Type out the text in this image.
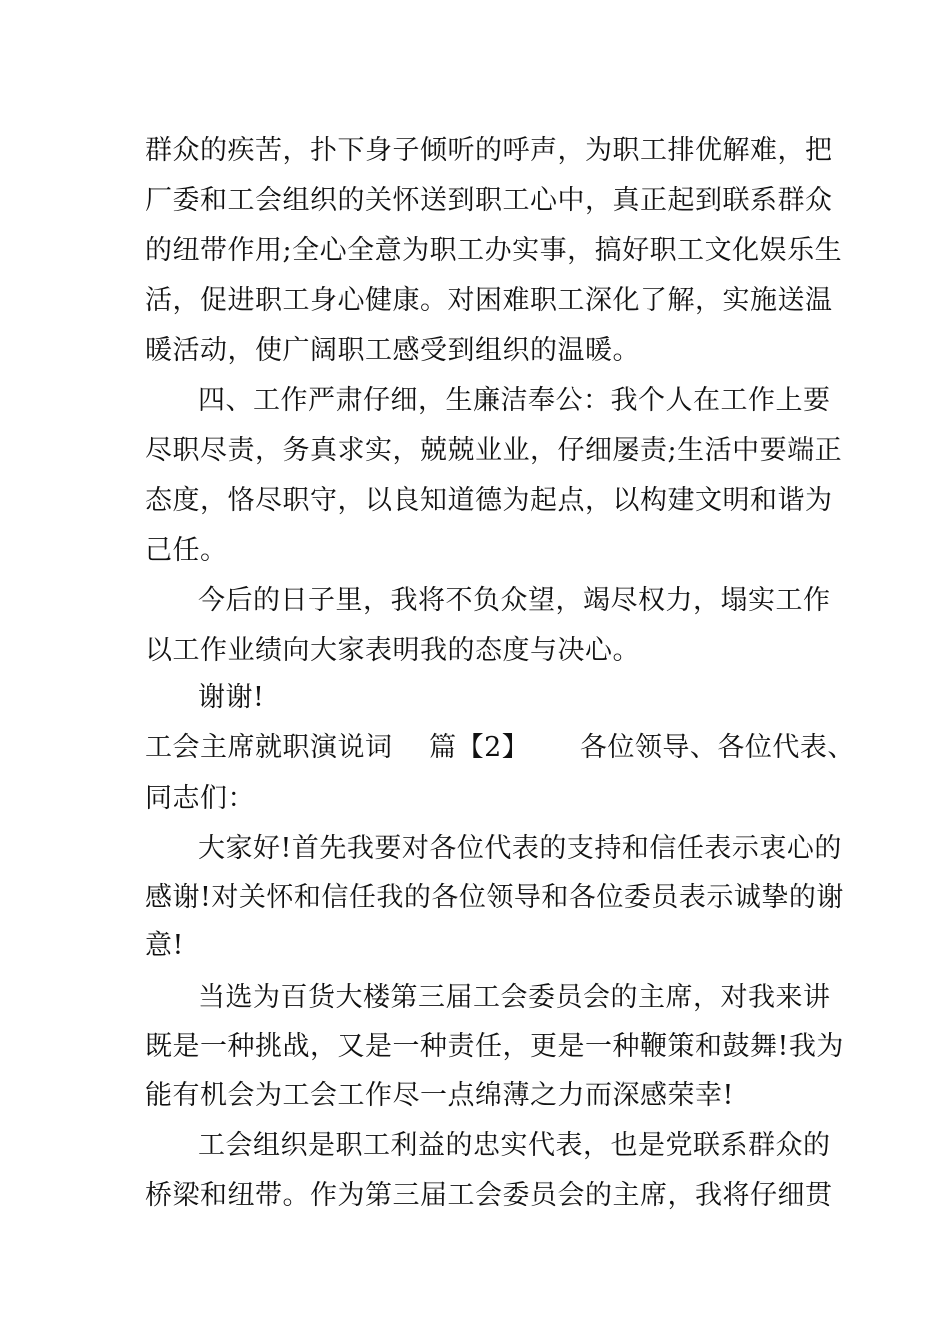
群众的疾苦，扑下身子倾听的呼声，为职工排优解难，把
厂委和工会组织的关怀送到职工心中，真正起到联系群众
的纽带作用;全心全意为职工办实事，搞好职工文化娱乐生
活，促进职工身心健康。对困难职工深化了解，实施送温
暖活动，使广阔职工感受到组织的温暖。
四、工作严肃仔细，生廉洁奉公：我个人在工作上要
尽职尽责，务真求实，兢兢业业，仔细屡责;生活中要端正
态度，恪尽职守，以良知道德为起点，以构建文明和谐为
己任。
今后的日子里，我将不负众望，竭尽权力，塌实工作
以工作业绩向大家表明我的态度与决心。
谢谢!
工会主席就职演说词　 篇【2】　　 各位领导、各位代表、
同志们：
大家好!首先我要对各位代表的支持和信任表示衷心的
感谢!对关怀和信任我的各位领导和各位委员表示诚挚的谢
意!
当选为百货大楼第三届工会委员会的主席，对我来讲
既是一种挑战，又是一种责任，更是一种鞭策和鼓舞!我为
能有机会为工会工作尽一点绵薄之力而深感荣幸!
工会组织是职工利益的忠实代表，也是党联系群众的
桥梁和纽带。作为第三届工会委员会的主席，我将仔细贯
